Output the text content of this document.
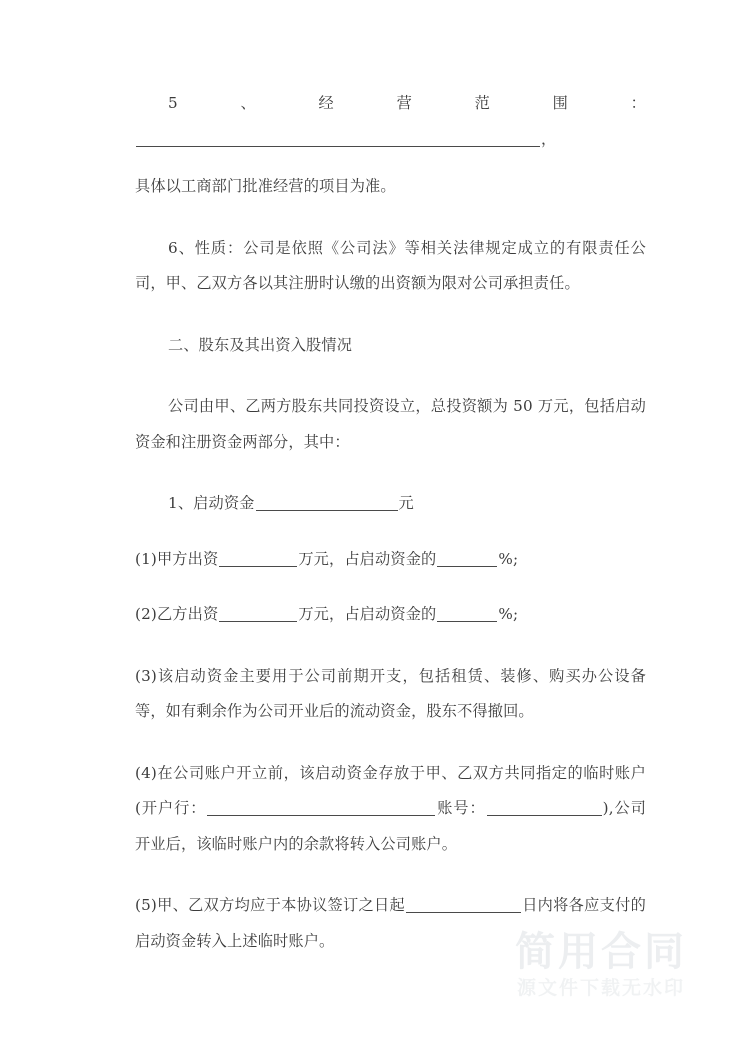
5、经营范围：，

具体以工商部门批准经营的项目为准。

6、性质：公司是依照《公司法》等相关法律规定成立的有限责任公司，甲、乙双方各以其注册时认缴的出资额为限对公司承担责任。

二、股东及其出资入股情况

公司由甲、乙两方股东共同投资设立，总投资额为 50 万元，包括启动资金和注册资金两部分，其中：

1、启动资金	元

(1)甲方出资	万元，占启动资金的	%;

(2)乙方出资	万元，占启动资金的	%;

(3)该启动资金主要用于公司前期开支，包括租赁、装修、购买办公设备等，如有剩余作为公司开业后的流动资金，股东不得撤回。

(4)在公司账户开立前，该启动资金存放于甲、乙双方共同指定的临时账户(开户行：	账号：	),公司开业后，该临时账户内的余款将转入公司账户。

(5)甲、乙双方均应于本协议签订之日起	日内将各应支付的启动资金转入上述临时账户。	简用合同
源文件下载无水印
